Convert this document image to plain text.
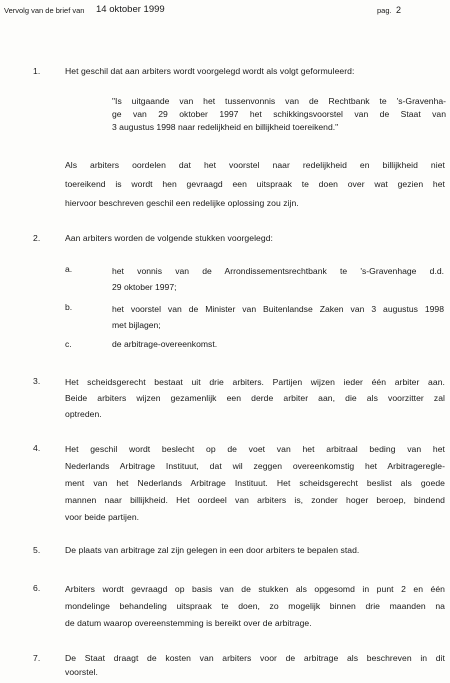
Vervolg van de brief van 14 oktober 1999	pag. 2
1.	Het geschil dat aan arbiters wordt voorgelegd wordt als volgt geformuleerd:
"Is uitgaande van het tussenvonnis van de Rechtbank te 's-Gravenha-
ge van 29 oktober 1997 het schikkingsvoorstel van de Staat van
3 augustus 1998 naar redelijkheid en billijkheid toereikend."
Als arbiters oordelen dat het voorstel naar redelijkheid en billijkheid niet
toereikend is wordt hen gevraagd een uitspraak te doen over wat gezien het
hiervoor beschreven geschil een redelijke oplossing zou zijn.
2.	Aan arbiters worden de volgende stukken voorgelegd:
a.	het vonnis van de Arrondissementsrechtbank te 's-Gravenhage d.d.
29 oktober 1997;
b.	het voorstel van de Minister van Buitenlandse Zaken van 3 augustus 1998
met bijlagen;
c.	de arbitrage-overeenkomst.
3.	Het scheidsgerecht bestaat uit drie arbiters. Partijen wijzen ieder één arbiter aan.
Beide arbiters wijzen gezamenlijk een derde arbiter aan, die als voorzitter zal
optreden.
4.	Het geschil wordt beslecht op de voet van het arbitraal beding van het
Nederlands Arbitrage Instituut, dat wil zeggen overeenkomstig het Arbitrageregle-
ment van het Nederlands Arbitrage Instituut. Het scheidsgerecht beslist als goede
mannen naar billijkheid. Het oordeel van arbiters is, zonder hoger beroep, bindend
voor beide partijen.
5.	De plaats van arbitrage zal zijn gelegen in een door arbiters te bepalen stad.
6.	Arbiters wordt gevraagd op basis van de stukken als opgesomd in punt 2 en één
mondelinge behandeling uitspraak te doen, zo mogelijk binnen drie maanden na
de datum waarop overeenstemming is bereikt over de arbitrage.
7.	De Staat draagt de kosten van arbiters voor de arbitrage als beschreven in dit
voorstel.
